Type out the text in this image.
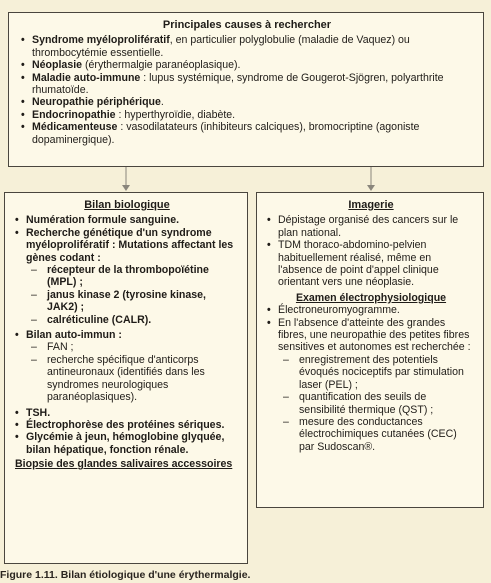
Principales causes à rechercher
• Syndrome myéloprolifératif, en particulier polyglobulie (maladie de Vaquez) ou thrombocytémie essentielle.
• Néoplasie (érythermalgie paranéoplasique).
• Maladie auto-immune : lupus systémique, syndrome de Gougerot-Sjögren, polyarthrite rhumatoïde.
• Neuropathie périphérique.
• Endocrinopathie : hyperthyroïdie, diabète.
• Médicamenteuse : vasodilatateurs (inhibiteurs calciques), bromocriptine (agoniste dopaminergique).
Bilan biologique
• Numération formule sanguine.
• Recherche génétique d'un syndrome myéloprolifératif : Mutations affectant les gènes codant :
– récepteur de la thrombopoïétine (MPL) ;
– janus kinase 2 (tyrosine kinase, JAK2) ;
– calréticuline (CALR).
• Bilan auto-immun :
– FAN ;
– recherche spécifique d'anticorps antineuronaux (identifiés dans les syndromes neurologiques paranéoplasiques).
• TSH.
• Électrophorèse des protéines sériques.
• Glycémie à jeun, hémoglobine glyquée, bilan hépatique, fonction rénale.
Biopsie des glandes salivaires accessoires
Imagerie
• Dépistage organisé des cancers sur le plan national.
• TDM thoraco-abdomino-pelvien habituellement réalisé, même en l'absence de point d'appel clinique orientant vers une néoplasie.
Examen électrophysiologique
• Électroneuromyogramme.
• En l'absence d'atteinte des grandes fibres, une neuropathie des petites fibres sensitives et autonomes est recherchée :
– enregistrement des potentiels évoqués nociceptifs par stimulation laser (PEL) ;
– quantification des seuils de sensibilité thermique (QST) ;
– mesure des conductances électrochimiques cutanées (CEC) par Sudoscan®.
Figure 1.11. Bilan étiologique d'une érythermalgie.
